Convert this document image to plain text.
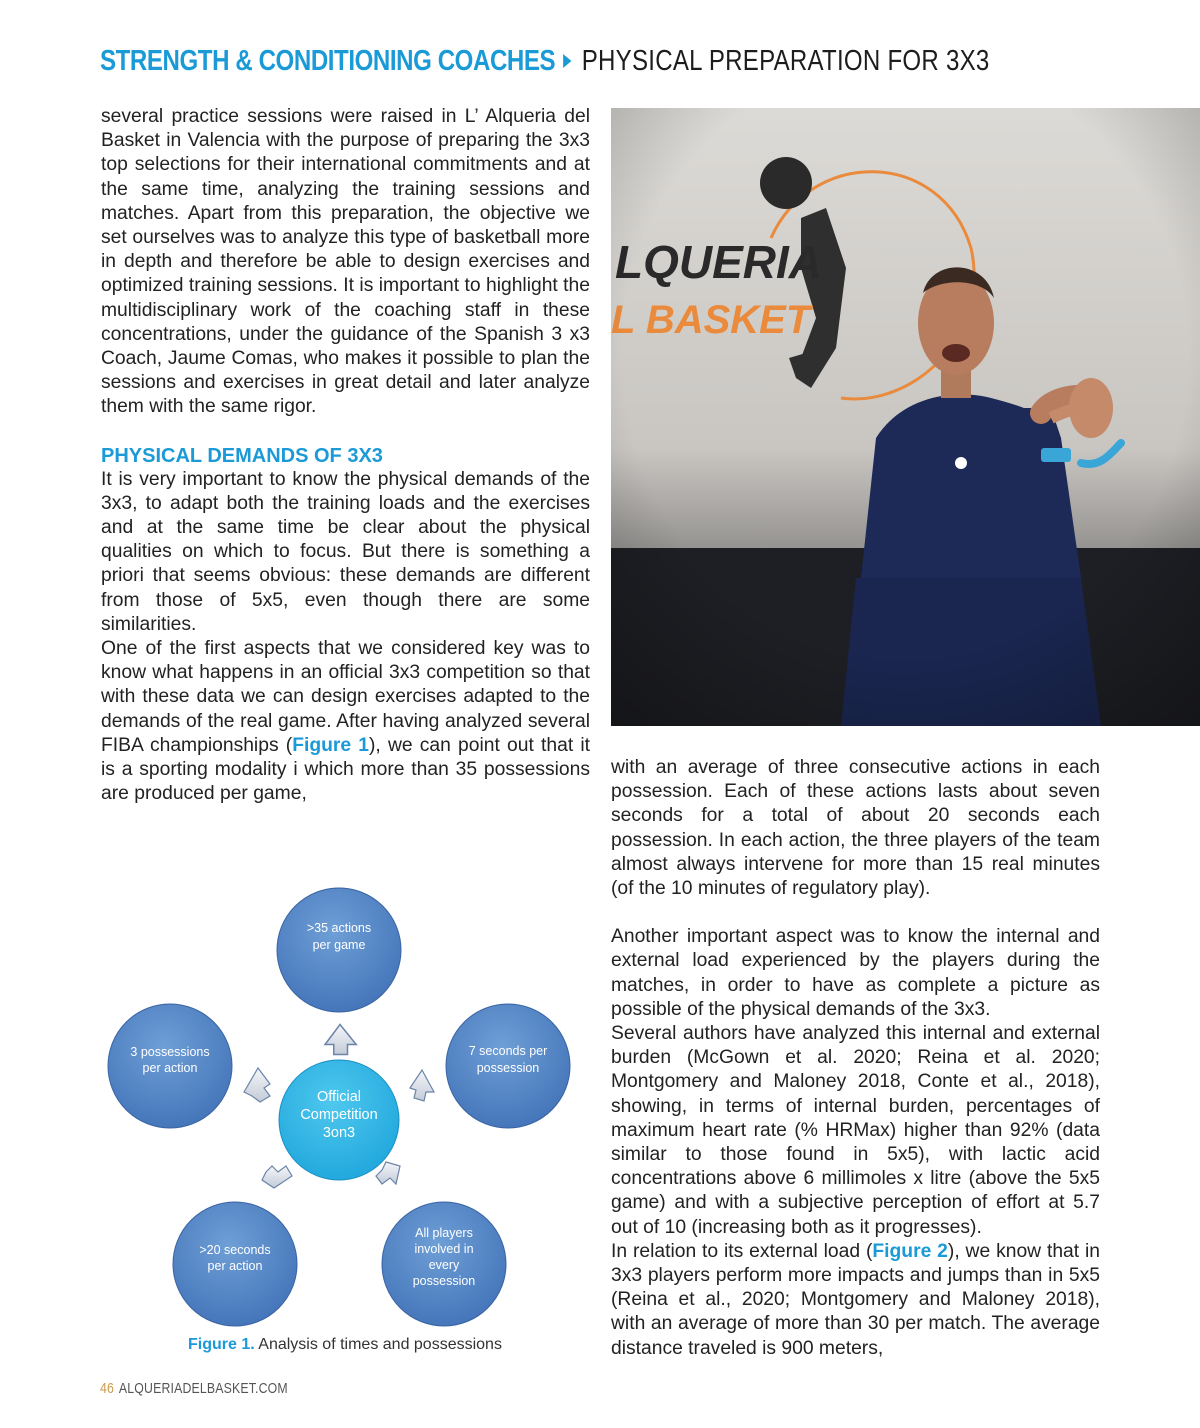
STRENGTH & CONDITIONING COACHES PHYSICAL PREPARATION FOR 3X3

several practice sessions were raised in L’ Alqueria del Basket in Valencia with the purpose of preparing the 3x3 top selections for their international commitments and at the same time, analyzing the training sessions and matches. Apart from this preparation, the objective we set ourselves was to analyze this type of basketball more in depth and therefore be able to design exercises and optimized training sessions. It is important to highlight the multidisciplinary work of the coaching staff in these concentrations, under the guidance of the Spanish 3 x3 Coach, Jaume Comas, who makes it possible to plan the sessions and exercises in great detail and later analyze them with the same rigor.

PHYSICAL DEMANDS OF 3X3

It is very important to know the physical demands of the 3x3, to adapt both the training loads and the exercises and at the same time be clear about the physical qualities on which to focus. But there is something a priori that seems obvious: these demands are different from those of 5x5, even though there are some similarities.

One of the first aspects that we considered key was to know what happens in an official 3x3 competition so that with these data we can design exercises adapted to the demands of the real game. After having analyzed several FIBA championships (Figure 1), we can point out that it is a sporting modality i which more than 35 possessions are produced per game,

with an average of three consecutive actions in each possession. Each of these actions lasts about seven seconds for a total of about 20 seconds each possession. In each action, the three players of the team almost always intervene for more than 15 real minutes (of the 10 minutes of regulatory play).

Another important aspect was to know the internal and external load experienced by the players during the matches, in order to have as complete a picture as possible of the physical demands of the 3x3.

Several authors have analyzed this internal and external burden (McGown et al. 2020; Reina et al. 2020; Montgomery and Maloney 2018, Conte et al., 2018), showing, in terms of internal burden, percentages of maximum heart rate (% HRMax) higher than 92% (data similar to those found in 5x5), with lactic acid concentrations above 6 millimoles x litre (above the 5x5 game) and with a subjective perception of effort at 5.7 out of 10 (increasing both as it progresses).

In relation to its external load (Figure 2), we know that in 3x3 players perform more impacts and jumps than in 5x5 (Reina et al., 2020; Montgomery and Maloney 2018), with an average of more than 30 per match. The average distance traveled is 900 meters,

>35 actions
per game
7 seconds per
possession
All players
involved in
every
possession
>20 seconds
per action
3 possessions
per action
Official
Competition
3on3
Figure 1. Analysis of times and possessions
46 ALQUERIADELBASKET.COM
